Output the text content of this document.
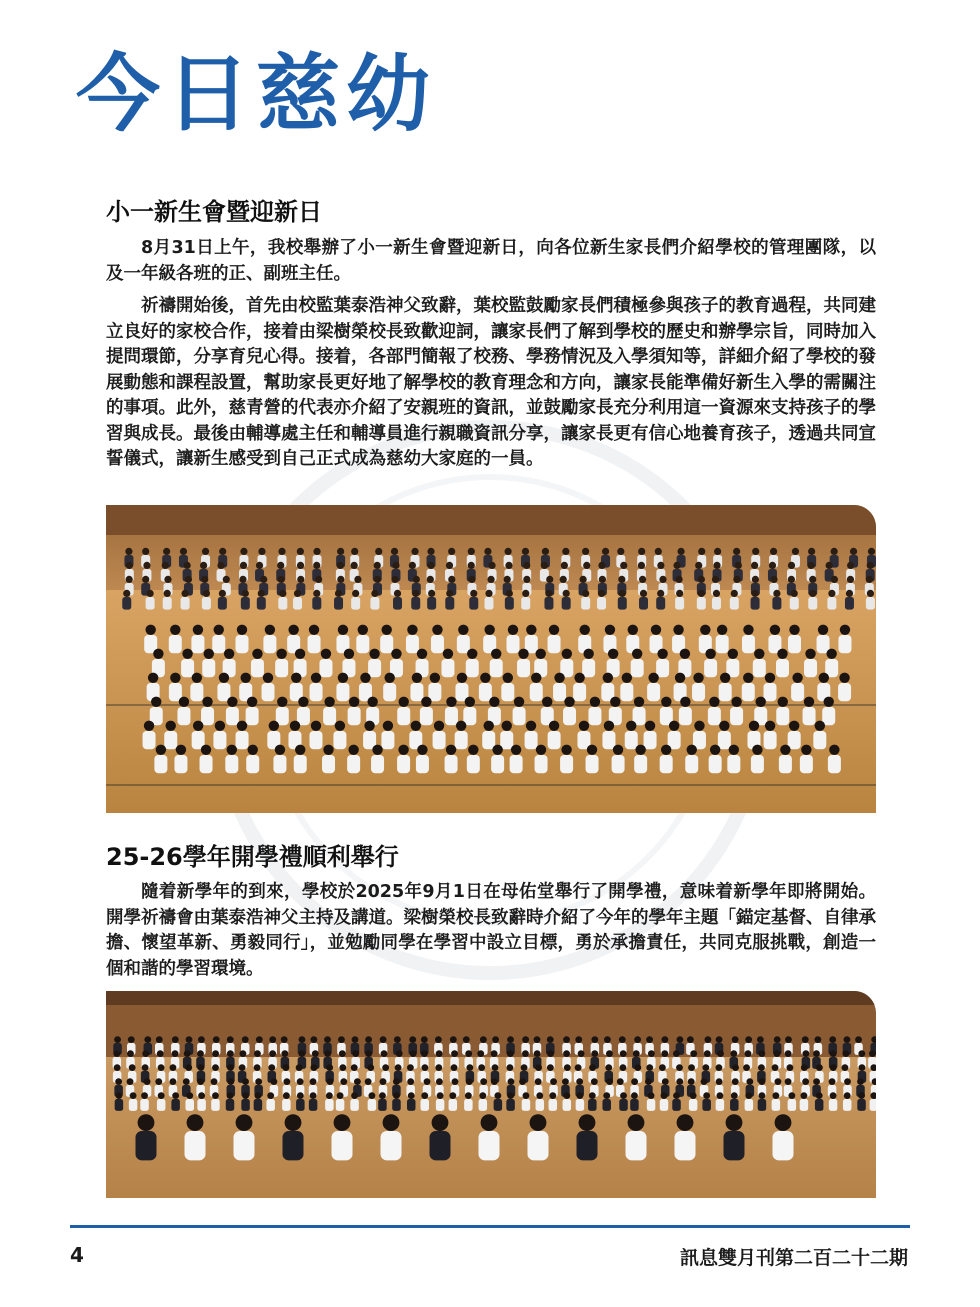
今日慈幼
小一新生會暨迎新日

8月31日上午，我校舉辦了小一新生會暨迎新日，向各位新生家長們介紹學校的管理團隊，以及一年級各班的正、副班主任。

祈禱開始後，首先由校監葉泰浩神父致辭，葉校監鼓勵家長們積極參與孩子的教育過程，共同建立良好的家校合作，接着由梁樹榮校長致歡迎詞，讓家長們了解到學校的歷史和辦學宗旨，同時加入提問環節，分享育兒心得。接着，各部門簡報了校務、學務情況及入學須知等，詳細介紹了學校的發展動態和課程設置，幫助家長更好地了解學校的教育理念和方向，讓家長能準備好新生入學的需關注的事項。此外，慈青營的代表亦介紹了安親班的資訊，並鼓勵家長充分利用這一資源來支持孩子的學習與成長。最後由輔導處主任和輔導員進行親職資訊分享，讓家長更有信心地養育孩子，透過共同宣誓儀式，讓新生感受到自己正式成為慈幼大家庭的一員。

25-26學年開學禮順利舉行

隨着新學年的到來，學校於2025年9月1日在母佑堂舉行了開學禮，意味着新學年即將開始。開學祈禱會由葉泰浩神父主持及講道。梁樹榮校長致辭時介紹了今年的學年主題「錨定基督、自律承擔、懷望革新、勇毅同行」，並勉勵同學在學習中設立目標，勇於承擔責任，共同克服挑戰，創造一個和諧的學習環境。

4	訊息雙月刊第二百二十二期
